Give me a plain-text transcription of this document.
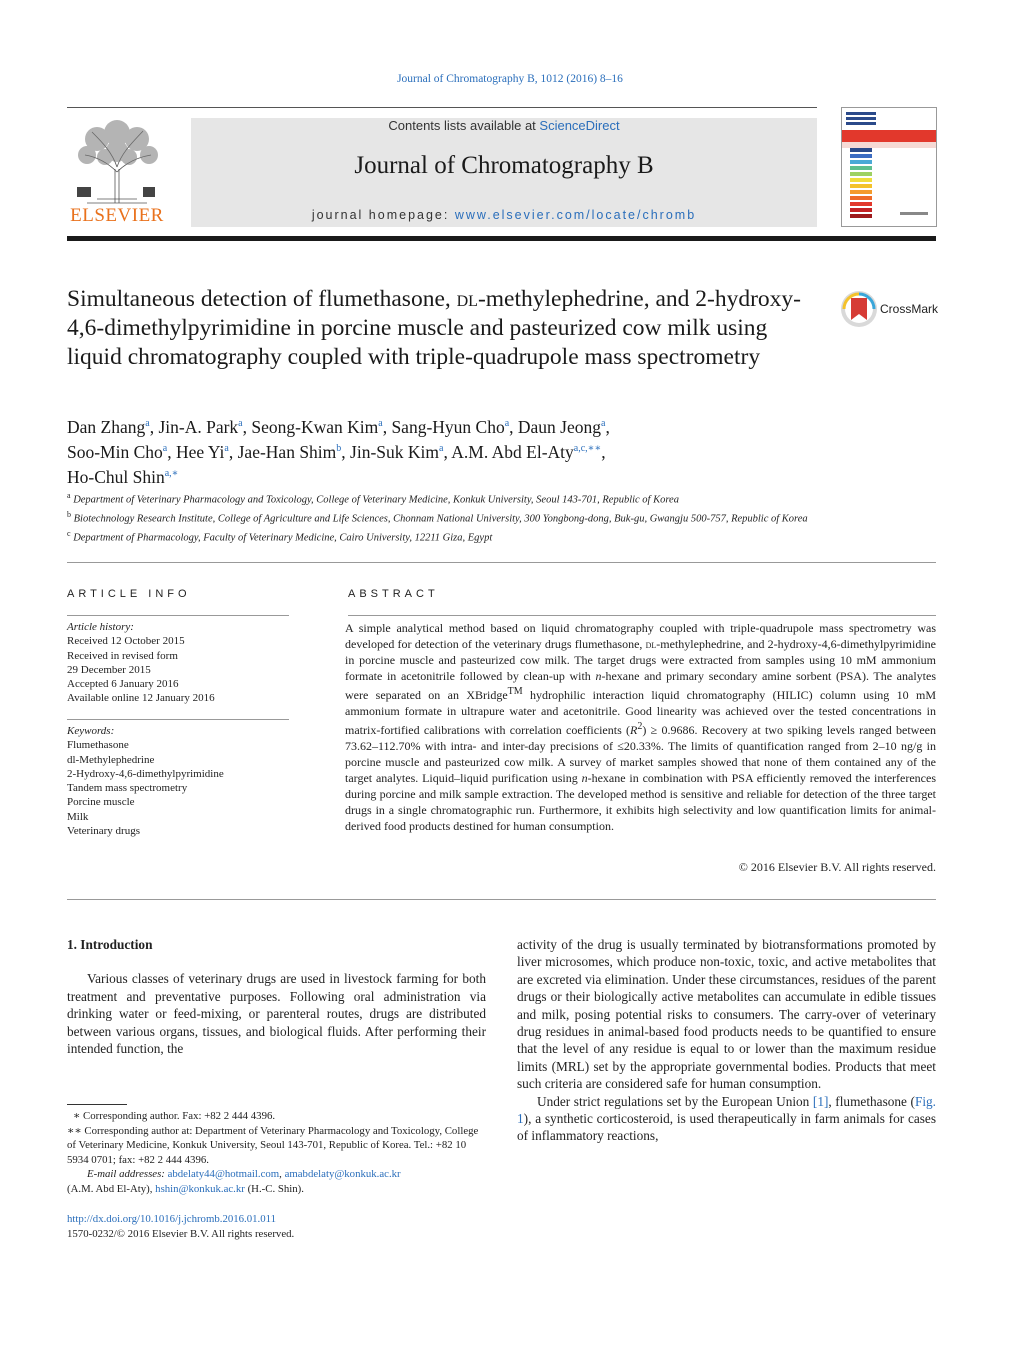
Journal of Chromatography B, 1012 (2016) 8–16
ELSEVIER
Contents lists available at ScienceDirect
Journal of Chromatography B
journal homepage: www.elsevier.com/locate/chromb
Simultaneous detection of flumethasone, dl-methylephedrine, and 2-hydroxy-4,6-dimethylpyrimidine in porcine muscle and pasteurized cow milk using liquid chromatography coupled with triple-quadrupole mass spectrometry
CrossMark
Dan Zhang$^a$, Jin-A. Park$^a$, Seong-Kwan Kim$^a$, Sang-Hyun Cho$^a$, Daun Jeong$^a$,
Soo-Min Cho$^a$, Hee Yi$^a$, Jae-Han Shim$^b$, Jin-Suk Kim$^a$, A.M. Abd El-Aty$^{a,c,∗∗}$,
Ho-Chul Shin$^{a,∗}$
$^a$ Department of Veterinary Pharmacology and Toxicology, College of Veterinary Medicine, Konkuk University, Seoul 143-701, Republic of Korea
$^b$ Biotechnology Research Institute, College of Agriculture and Life Sciences, Chonnam National University, 300 Yongbong-dong, Buk-gu, Gwangju 500-757, Republic of Korea
$^c$ Department of Pharmacology, Faculty of Veterinary Medicine, Cairo University, 12211 Giza, Egypt
ARTICLE INFO	ABSTRACT
Article history:
Received 12 October 2015
Received in revised form
29 December 2015
Accepted 6 January 2016
Available online 12 January 2016
Keywords:
Flumethasone
dl-Methylephedrine
2-Hydroxy-4,6-dimethylpyrimidine
Tandem mass spectrometry
Porcine muscle
Milk
Veterinary drugs
A simple analytical method based on liquid chromatography coupled with triple-quadrupole mass spectrometry was developed for detection of the veterinary drugs flumethasone, dl-methylephedrine, and 2-hydroxy-4,6-dimethylpyrimidine in porcine muscle and pasteurized cow milk. The target drugs were extracted from samples using 10 mM ammonium formate in acetonitrile followed by clean-up with n-hexane and primary secondary amine sorbent (PSA). The analytes were separated on an XBridge™ hydrophilic interaction liquid chromatography (HILIC) column using 10 mM ammonium formate in ultrapure water and acetonitrile. Good linearity was achieved over the tested concentrations in matrix-fortified calibrations with correlation coefficients $(R^2) \ge 0.9686$. Recovery at two spiking levels ranged between 73.62–112.70% with intra- and inter-day precisions of ≤20.33%. The limits of quantification ranged from 2–10 ng/g in porcine muscle and pasteurized cow milk. A survey of market samples showed that none of them contained any of the target analytes. Liquid–liquid purification using n-hexane in combination with PSA efficiently removed the interferences during porcine and milk sample extraction. The developed method is sensitive and reliable for detection of the three target drugs in a single chromatographic run. Furthermore, it exhibits high selectivity and low quantification limits for animal-derived food products destined for human consumption.
© 2016 Elsevier B.V. All rights reserved.
1. Introduction

Various classes of veterinary drugs are used in livestock farming for both treatment and preventative purposes. Following oral administration via drinking water or feed-mixing, or parenteral routes, drugs are distributed between various organs, tissues, and biological fluids. After performing their intended function, the

activity of the drug is usually terminated by biotransformations promoted by liver microsomes, which produce non-toxic, toxic, and active metabolites that are excreted via elimination. Under these circumstances, residues of the parent drugs or their biologically active metabolites can accumulate in edible tissues and milk, posing potential risks to consumers. The carry-over of veterinary drug residues in animal-based food products needs to be quantified to ensure that the level of any residue is equal to or lower than the maximum residue limits (MRL) set by the appropriate governmental bodies. Products that meet such criteria are considered safe for human consumption.

Under strict regulations set by the European Union [1], flumethasone (Fig. 1), a synthetic corticosteroid, is used therapeutically in farm animals for cases of inflammatory reactions,

∗ Corresponding author. Fax: +82 2 444 4396.

∗∗ Corresponding author at: Department of Veterinary Pharmacology and Toxicology, College of Veterinary Medicine, Konkuk University, Seoul 143-701, Republic of Korea. Tel.: +82 10 5934 0701; fax: +82 2 444 4396.

E-mail addresses: abdelaty44@hotmail.com, amabdelaty@konkuk.ac.kr

(A.M. Abd El-Aty), hshin@konkuk.ac.kr (H.-C. Shin).

http://dx.doi.org/10.1016/j.jchromb.2016.01.011
1570-0232/© 2016 Elsevier B.V. All rights reserved.
